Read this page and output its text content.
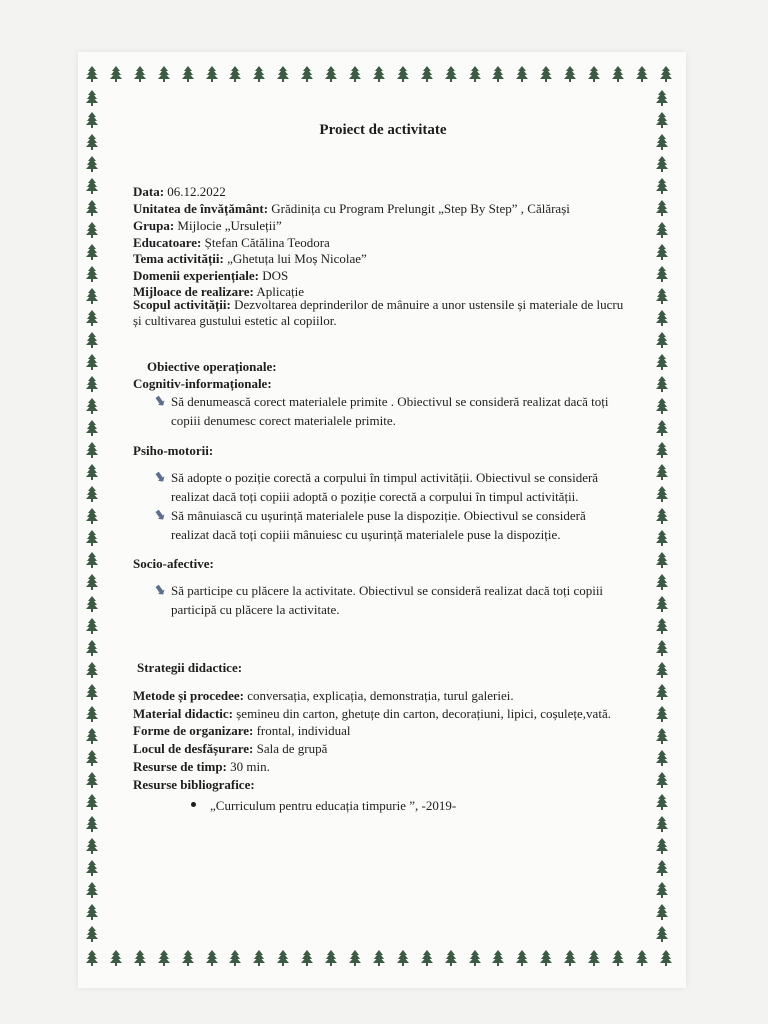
Proiect de activitate
Data: 06.12.2022
Unitatea de învățământ: Grădinița cu Program Prelungit „Step By Step” , Călărași
Grupa: Mijlocie „Ursuleții”
Educatoare: Ștefan Cătălina Teodora
Tema activității: „Ghetuța lui Moș Nicolae”
Domenii experiențiale: DOS
Mijloace de realizare: Aplicație
Scopul activității: Dezvoltarea deprinderilor de mânuire a unor ustensile și materiale de lucru
și cultivarea gustului estetic al copiilor.
Obiective operaționale:
Cognitiv-informaționale:
Să denumească corect materialele primite . Obiectivul se consideră realizat dacă toți copiii denumesc corect materialele primite.
Psiho-motorii:
Să adopte o poziție corectă a corpului în timpul activității. Obiectivul se consideră realizat dacă toți copiii adoptă o poziție corectă a corpului în timpul activității.
Să mânuiască cu ușurință materialele puse la dispoziție. Obiectivul se consideră realizat dacă toți copiii mânuiesc cu ușurință materialele puse la dispoziție.
Socio-afective:
Să participe cu plăcere la activitate. Obiectivul se consideră realizat dacă toți copiii participă cu plăcere la activitate.
Strategii didactice:
Metode și procedee: conversația, explicația, demonstrația, turul galeriei.
Material didactic: șemineu din carton, ghetuțe din carton, decorațiuni, lipici, coșulețe,vată.
Forme de organizare: frontal, individual
Locul de desfășurare: Sala de grupă
Resurse de timp: 30 min.
Resurse bibliografice:
„Curriculum pentru educația timpurie ”, -2019-
